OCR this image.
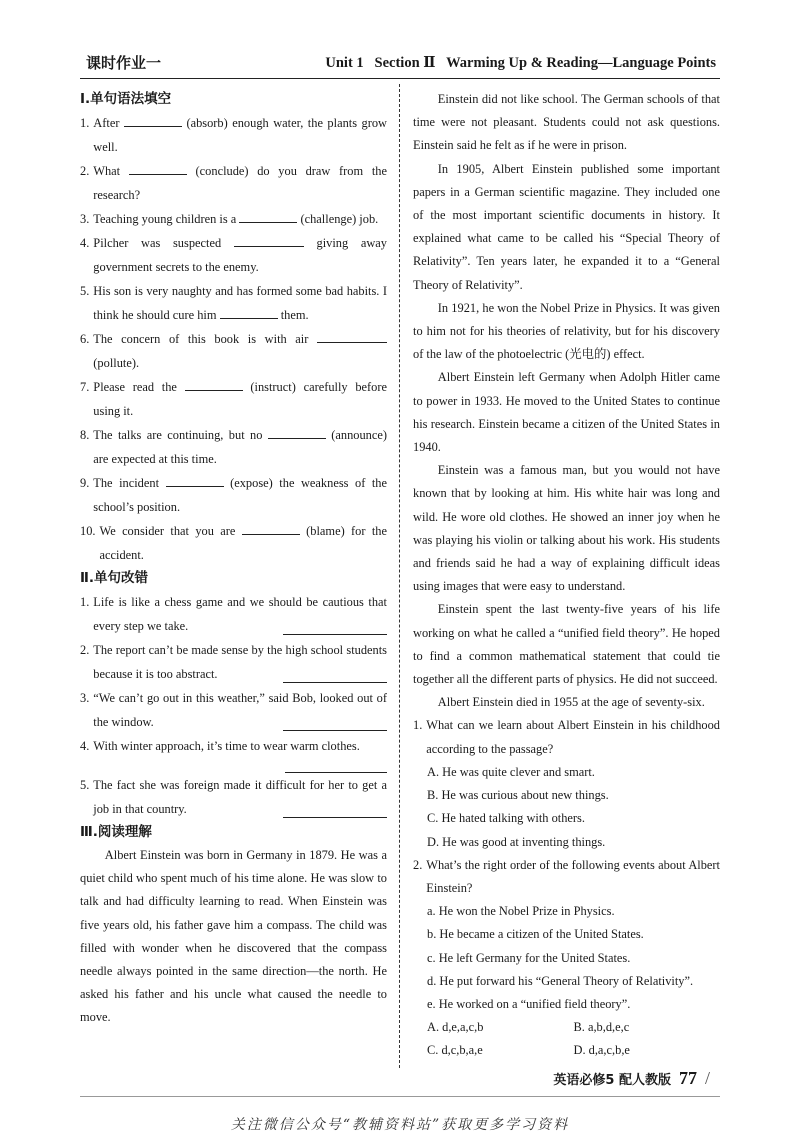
课时作业一	Unit 1   Section Ⅱ   Warming Up & Reading—Language Points
Ⅰ.单句语法填空
1. After	(absorb) enough water, the plants grow well.
2. What	(conclude) do you draw from the research?
3. Teaching young children is a	(challenge) job.
4. Pilcher was suspected	giving away government secrets to the enemy.
5. His son is very naughty and has formed some bad habits. I think he should cure him	them.
6. The concern of this book is with air  (pollute).
7. Please read the	(instruct) carefully before using it.
8. The talks are continuing, but no	(announce) are expected at this time.
9. The incident	(expose) the weakness of the school’s position.
10. We consider that you are	(blame) for the accident.
Ⅱ.单句改错
1. Life is like a chess game and we should be cautious that every step we take.
2. The report can’t be made sense by the high school students because it is too abstract.
3. “We can’t go out in this weather,” said Bob, looked out of the window.
4. With winter approach, it’s time to wear warm clothes.
5. The fact she was foreign made it difficult for her to get a job in that country.
Ⅲ.阅读理解

Albert Einstein was born in Germany in 1879. He was a quiet child who spent much of his time alone. He was slow to talk and had difficulty learning to read. When Einstein was five years old, his father gave him a compass. The child was filled with wonder when he discovered that the compass needle always pointed in the same direction—the north. He asked his father and his uncle what caused the needle to move.

Einstein did not like school. The German schools of that time were not pleasant. Students could not ask questions. Einstein said he felt as if he were in prison.

In 1905, Albert Einstein published some important papers in a German scientific magazine. They included one of the most important scientific documents in history. It explained what came to be called his “Special Theory of Relativity”. Ten years later, he expanded it to a “General Theory of Relativity”.

In 1921, he won the Nobel Prize in Physics. It was given to him not for his theories of relativity, but for his discovery of the law of the photoelectric (光电的) effect.

Albert Einstein left Germany when Adolph Hitler came to power in 1933. He moved to the United States to continue his research. Einstein became a citizen of the United States in 1940.

Einstein was a famous man, but you would not have known that by looking at him. His white hair was long and wild. He wore old clothes. He showed an inner joy when he was playing his violin or talking about his work. His students and friends said he had a way of explaining difficult ideas using images that were easy to understand.

Einstein spent the last twenty-five years of his life working on what he called a “unified field theory”. He hoped to find a common mathematical statement that could tie together all the different parts of physics. He did not succeed.

Albert Einstein died in 1955 at the age of seventy-six.

1. What can we learn about Albert Einstein in his childhood according to the passage?
A. He was quite clever and smart.
B. He was curious about new things.
C. He hated talking with others.
D. He was good at inventing things.
2. What’s the right order of the following events about Albert Einstein?
a. He won the Nobel Prize in Physics.
b. He became a citizen of the United States.
c. He left Germany for the United States.
d. He put forward his “General Theory of Relativity”.
e. He worked on a “unified field theory”.
A. d,e,a,c,b	B. a,b,d,e,c
C. d,c,b,a,e	D. d,a,c,b,e
英语必修5 配人教版 77 /
关注微信公众号“教辅资料站”获取更多学习资料
